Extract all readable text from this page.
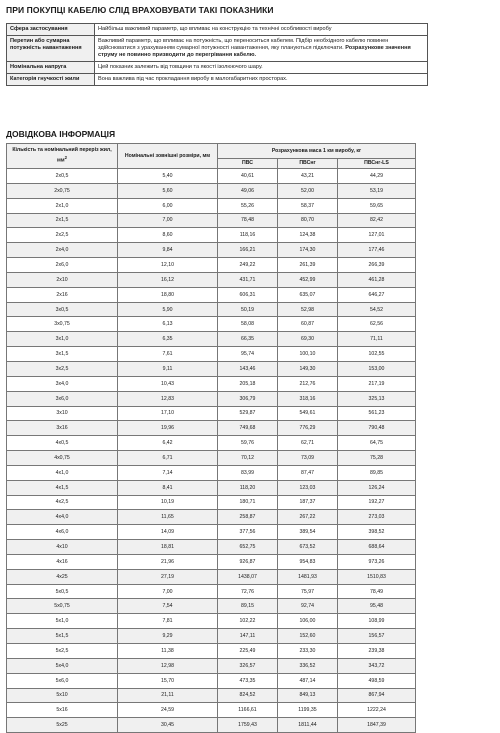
ПРИ ПОКУПЦІ КАБЕЛЮ СЛІД ВРАХОВУВАТИ ТАКІ ПОКАЗНИКИ
Сфера застосування	Найбільш важливий параметр, що впливає на конструкцію та технічні особливості виробу
Перетин або сумарна потужність навантаження	Важливий параметр, що впливає на потужність, що переноситься кабелем. Підбір необхідного кабелю повинен здійснюватися з урахуванням сумарної потужності навантаження, яку плануються підключати. Розрахункове значення струму не повинно призводити до перегрівання кабелю.
Номінальна напруга	Цей показник залежить від товщини та якості ізолюючого шару.
Категорія гнучкості жили	Вона важлива під час прокладання виробу в малогабаритних просторах.
ДОВІДКОВА ІНФОРМАЦІЯ
Кількість та номінальний переріз жил, $мм^2$	Номінальні зовнішні розміри, мм	Розрахункова маса 1 км виробу, кг		
		ПВС	ПВСнг	ПВСнг-LS
2х0,5	5,40	40,61	43,21	44,29
2х0,75	5,60	49,06	52,00	53,19
2х1,0	6,00	55,26	58,37	59,65
2х1,5	7,00	78,48	80,70	82,42
2х2,5	8,60	118,16	124,38	127,01
2х4,0	9,84	166,21	174,30	177,46
2х6,0	12,10	249,22	261,39	266,39
2х10	16,12	431,71	452,99	461,28
2х16	18,80	606,31	635,07	646,27
3х0,5	5,90	50,19	52,98	54,52
3х0,75	6,13	58,08	60,87	62,56
3х1,0	6,35	66,35	69,30	71,11
3х1,5	7,61	95,74	100,10	102,55
3х2,5	9,11	143,46	149,30	153,00
3х4,0	10,43	205,18	212,76	217,19
3х6,0	12,83	306,79	318,16	325,13
3х10	17,10	529,87	549,61	561,23
3х16	19,96	749,68	776,29	790,48
4х0,5	6,42	59,76	62,71	64,75
4х0,75	6,71	70,12	73,09	75,28
4х1,0	7,14	83,99	87,47	89,85
4х1,5	8,41	118,20	123,03	126,24
4х2,5	10,19	180,71	187,37	192,27
4х4,0	11,65	258,87	267,22	273,03
4х6,0	14,09	377,56	389,54	398,52
4х10	18,81	652,75	673,52	688,64
4х16	21,96	926,87	954,83	973,26
4х25	27,19	1438,07	1481,93	1510,83
5х0,5	7,00	72,76	75,97	78,49
5х0,75	7,54	89,15	92,74	95,48
5х1,0	7,81	102,22	106,00	108,99
5х1,5	9,29	147,11	152,60	156,57
5х2,5	11,38	225,49	233,30	239,38
5х4,0	12,98	326,57	336,52	343,72
5х6,0	15,70	473,35	487,14	498,59
5х10	21,11	824,52	849,13	867,94
5х16	24,59	1166,61	1199,35	1222,24
5х25	30,45	1759,43	1811,44	1847,39
